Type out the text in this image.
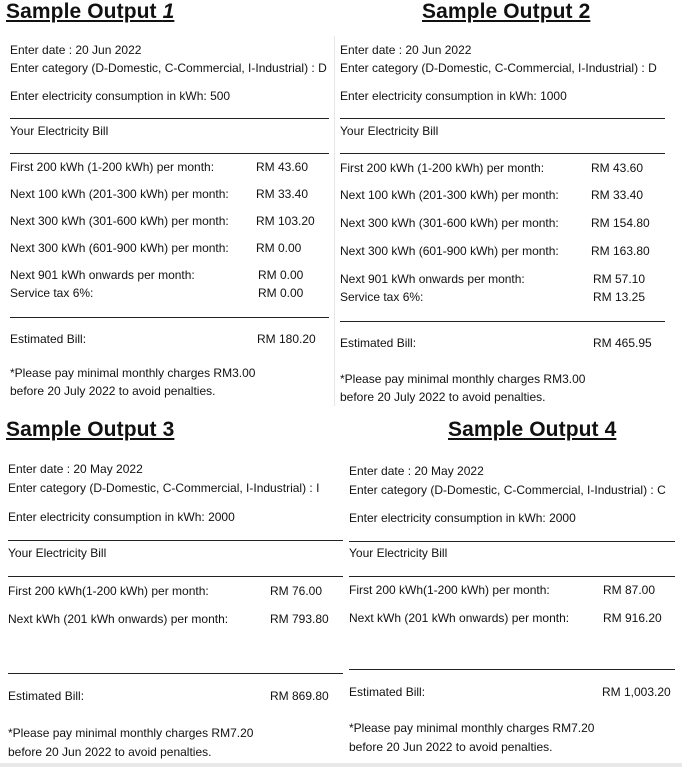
Sample Output 1
Enter date : 20 Jun 2022
Enter category (D-Domestic, C-Commercial, I-Industrial) : D
Enter electricity consumption in kWh: 500
Your Electricity Bill
First 200 kWh (1-200 kWh) per month:	RM 43.60
Next 100 kWh (201-300 kWh) per month: RM 33.40
Next 300 kWh (301-600 kWh) per month: RM 103.20
Next 300 kWh (601-900 kWh) per month: RM 0.00
Next 901 kWh onwards per month:	RM 0.00
Service tax 6%:	RM 0.00
Estimated Bill:	RM 180.20
*Please pay minimal monthly charges RM3.00
before 20 July 2022 to avoid penalties.
Sample Output 2
Enter date : 20 Jun 2022
Enter category (D-Domestic, C-Commercial, I-Industrial) : D
Enter electricity consumption in kWh: 1000
Your Electricity Bill
First 200 kWh (1-200 kWh) per month:	RM 43.60
Next 100 kWh (201-300 kWh) per month:	RM 33.40
Next 300 kWh (301-600 kWh) per month:	RM 154.80
Next 300 kWh (601-900 kWh) per month:	RM 163.80
Next 901 kWh onwards per month:	RM 57.10
Service tax 6%:	RM 13.25
Estimated Bill:	RM 465.95
*Please pay minimal monthly charges RM3.00
before 20 July 2022 to avoid penalties.
Sample Output 3
Enter date : 20 May 2022
Enter category (D-Domestic, C-Commercial, I-Industrial) : I
Enter electricity consumption in kWh: 2000
Your Electricity Bill
First 200 kWh(1-200 kWh) per month:	RM 76.00
Next kWh (201 kWh onwards) per month:	RM 793.80
Estimated Bill:	RM 869.80
*Please pay minimal monthly charges RM7.20
before 20 Jun 2022 to avoid penalties.
Sample Output 4
Enter date : 20 May 2022
Enter category (D-Domestic, C-Commercial, I-Industrial) : C
Enter electricity consumption in kWh: 2000
Your Electricity Bill
First 200 kWh(1-200 kWh) per month:	RM 87.00
Next kWh (201 kWh onwards) per month:	RM 916.20
Estimated Bill:	RM 1,003.20
*Please pay minimal monthly charges RM7.20
before 20 Jun 2022 to avoid penalties.
